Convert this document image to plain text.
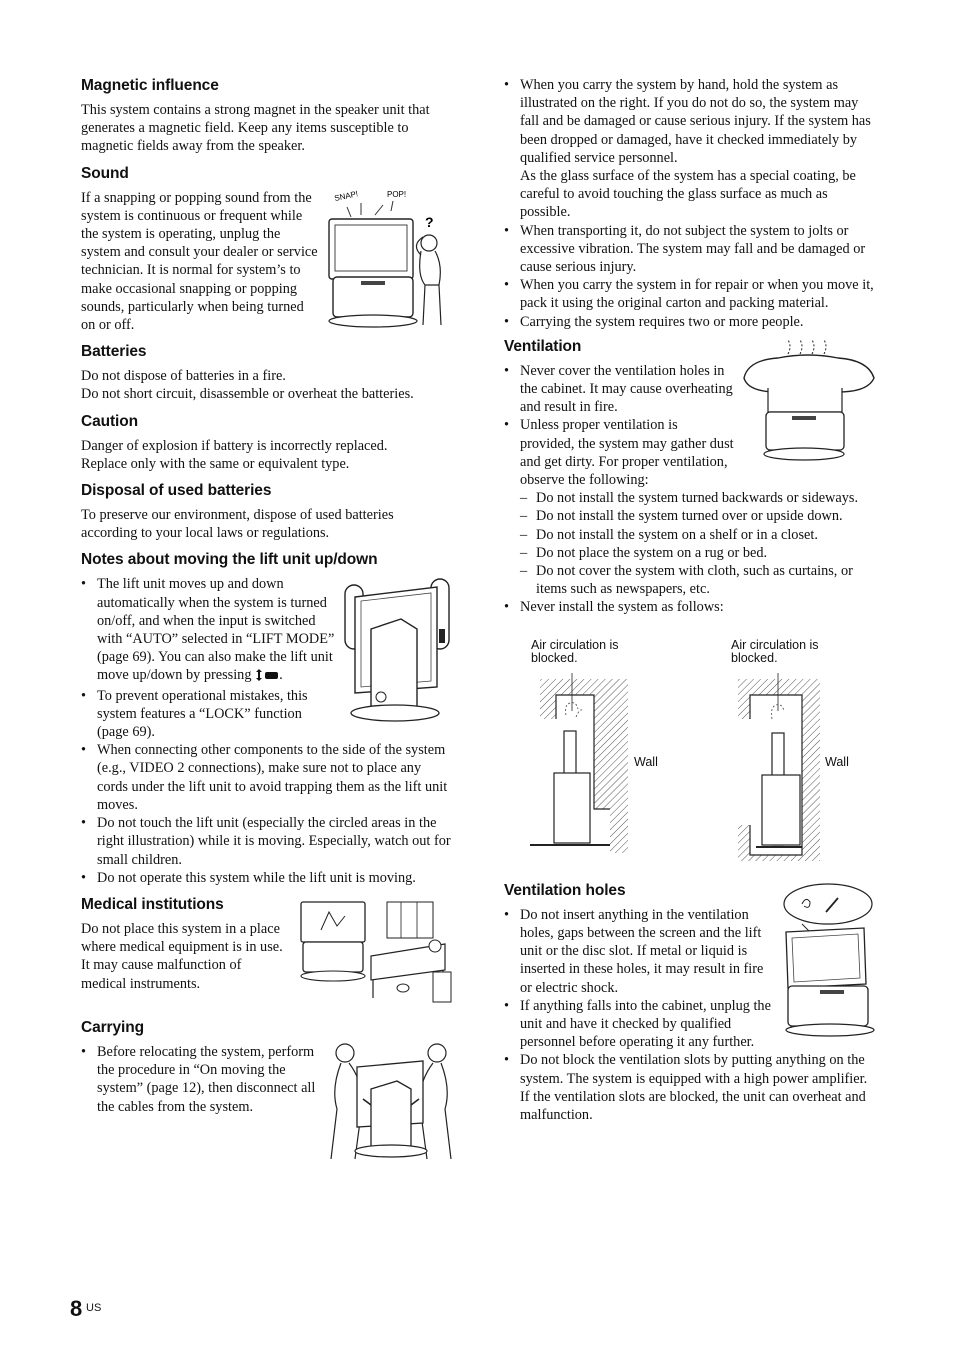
Magnetic influence

This system contains a strong magnet in the speaker unit that generates a magnetic field. Keep any items susceptible to magnetic fields away from the speaker.

Sound
SNAP!	POP!
?

If a snapping or popping sound from the system is continuous or frequent while the system is operating, unplug the system and consult your dealer or service technician. It is normal for system’s to make occasional snapping or popping sounds, particularly when being turned on or off.

Batteries

Do not dispose of batteries in a fire.

Do not short circuit, disassemble or overheat the batteries.

Caution

Danger of explosion if battery is incorrectly replaced.

Replace only with the same or equivalent type.

Disposal of used batteries

To preserve our environment, dispose of used batteries according to your local laws or regulations.

Notes about moving the lift unit up/down
• The lift unit moves up and down automatically when the system is turned on/off, and when the input is switched with “AUTO” selected in “LIFT MODE” (page 69). You can also make the lift unit move up/down by pressing .
• To prevent operational mistakes, this system features a “LOCK” function (page 69).
• When connecting other components to the side of the system (e.g., VIDEO 2 connections), make sure not to place any cords under the lift unit to avoid trapping them as the lift unit moves.
• Do not touch the lift unit (especially the circled areas in the right illustration) while it is moving. Especially, watch out for small children.
• Do not operate this system while the lift unit is moving.
Medical institutions

Do not place this system in a place where medical equipment is in use. It may cause malfunction of medical instruments.

Carrying
• Before relocating the system, perform the procedure in “On moving the system” (page 12), then disconnect all the cables from the system.
• When you carry the system by hand, hold the system as illustrated on the right. If you do not do so, the system may fall and be damaged or cause serious injury. If the system has been dropped or damaged, have it checked immediately by qualified service personnel.
As the glass surface of the system has a special coating, be careful to avoid touching the glass surface as much as possible.
• When transporting it, do not subject the system to jolts or excessive vibration. The system may fall and be damaged or cause serious injury.
• When you carry the system in for repair or when you move it, pack it using the original carton and packing material.
• Carrying the system requires two or more people.
Ventilation
• Never cover the ventilation holes in the cabinet. It may cause overheating and result in fire.
• Unless proper ventilation is provided, the system may gather dust and get dirty. For proper ventilation, observe the following:
– Do not install the system turned backwards or sideways.
– Do not install the system turned over or upside down.
– Do not install the system on a shelf or in a closet.
– Do not place the system on a rug or bed.
– Do not cover the system with cloth, such as curtains, or items such as newspapers, etc.
• Never install the system as follows:
Air circulation is blocked.
Air circulation is blocked.
Wall	Wall
Ventilation holes
• Do not insert anything in the ventilation holes, gaps between the screen and the lift unit or the disc slot. If metal or liquid is inserted in these holes, it may result in fire or electric shock.
• If anything falls into the cabinet, unplug the unit and have it checked by qualified personnel before operating it any further.
• Do not block the ventilation slots by putting anything on the system. The system is equipped with a high power amplifier. If the ventilation slots are blocked, the unit can overheat and malfunction.
8 US
